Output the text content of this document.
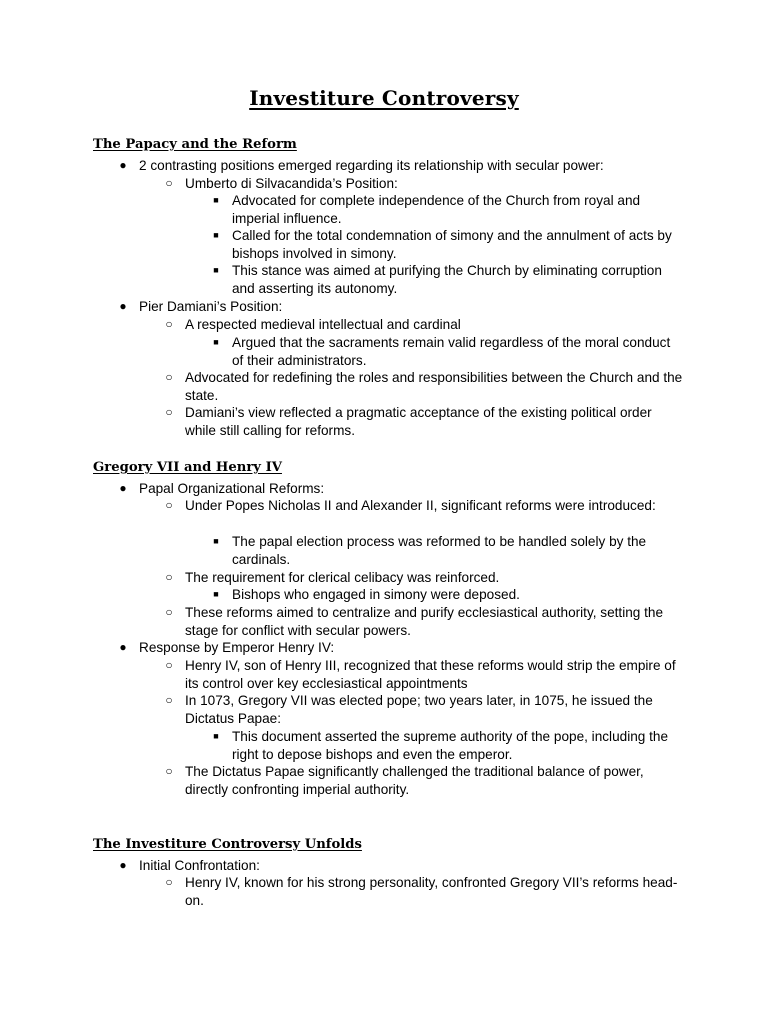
Investiture Controversy
The Papacy and the Reform
● 2 contrasting positions emerged regarding its relationship with secular power:
○ Umberto di Silvacandida’s Position:
■ Advocated for complete independence of the Church from royal and imperial influence.
■ Called for the total condemnation of simony and the annulment of acts by bishops involved in simony.
■ This stance was aimed at purifying the Church by eliminating corruption and asserting its autonomy.
● Pier Damiani’s Position:
○ A respected medieval intellectual and cardinal
■ Argued that the sacraments remain valid regardless of the moral conduct of their administrators.
○ Advocated for redefining the roles and responsibilities between the Church and the state.
○ Damiani’s view reflected a pragmatic acceptance of the existing political order while still calling for reforms.
Gregory VII and Henry IV
● Papal Organizational Reforms:
○ Under Popes Nicholas II and Alexander II, significant reforms were introduced:
■ The papal election process was reformed to be handled solely by the cardinals.
○ The requirement for clerical celibacy was reinforced.
■ Bishops who engaged in simony were deposed.
○ These reforms aimed to centralize and purify ecclesiastical authority, setting the stage for conflict with secular powers.
● Response by Emperor Henry IV:
○ Henry IV, son of Henry III, recognized that these reforms would strip the empire of its control over key ecclesiastical appointments
○ In 1073, Gregory VII was elected pope; two years later, in 1075, he issued the Dictatus Papae:
■ This document asserted the supreme authority of the pope, including the right to depose bishops and even the emperor.
○ The Dictatus Papae significantly challenged the traditional balance of power, directly confronting imperial authority.
The Investiture Controversy Unfolds
● Initial Confrontation:
○ Henry IV, known for his strong personality, confronted Gregory VII’s reforms head-on.
